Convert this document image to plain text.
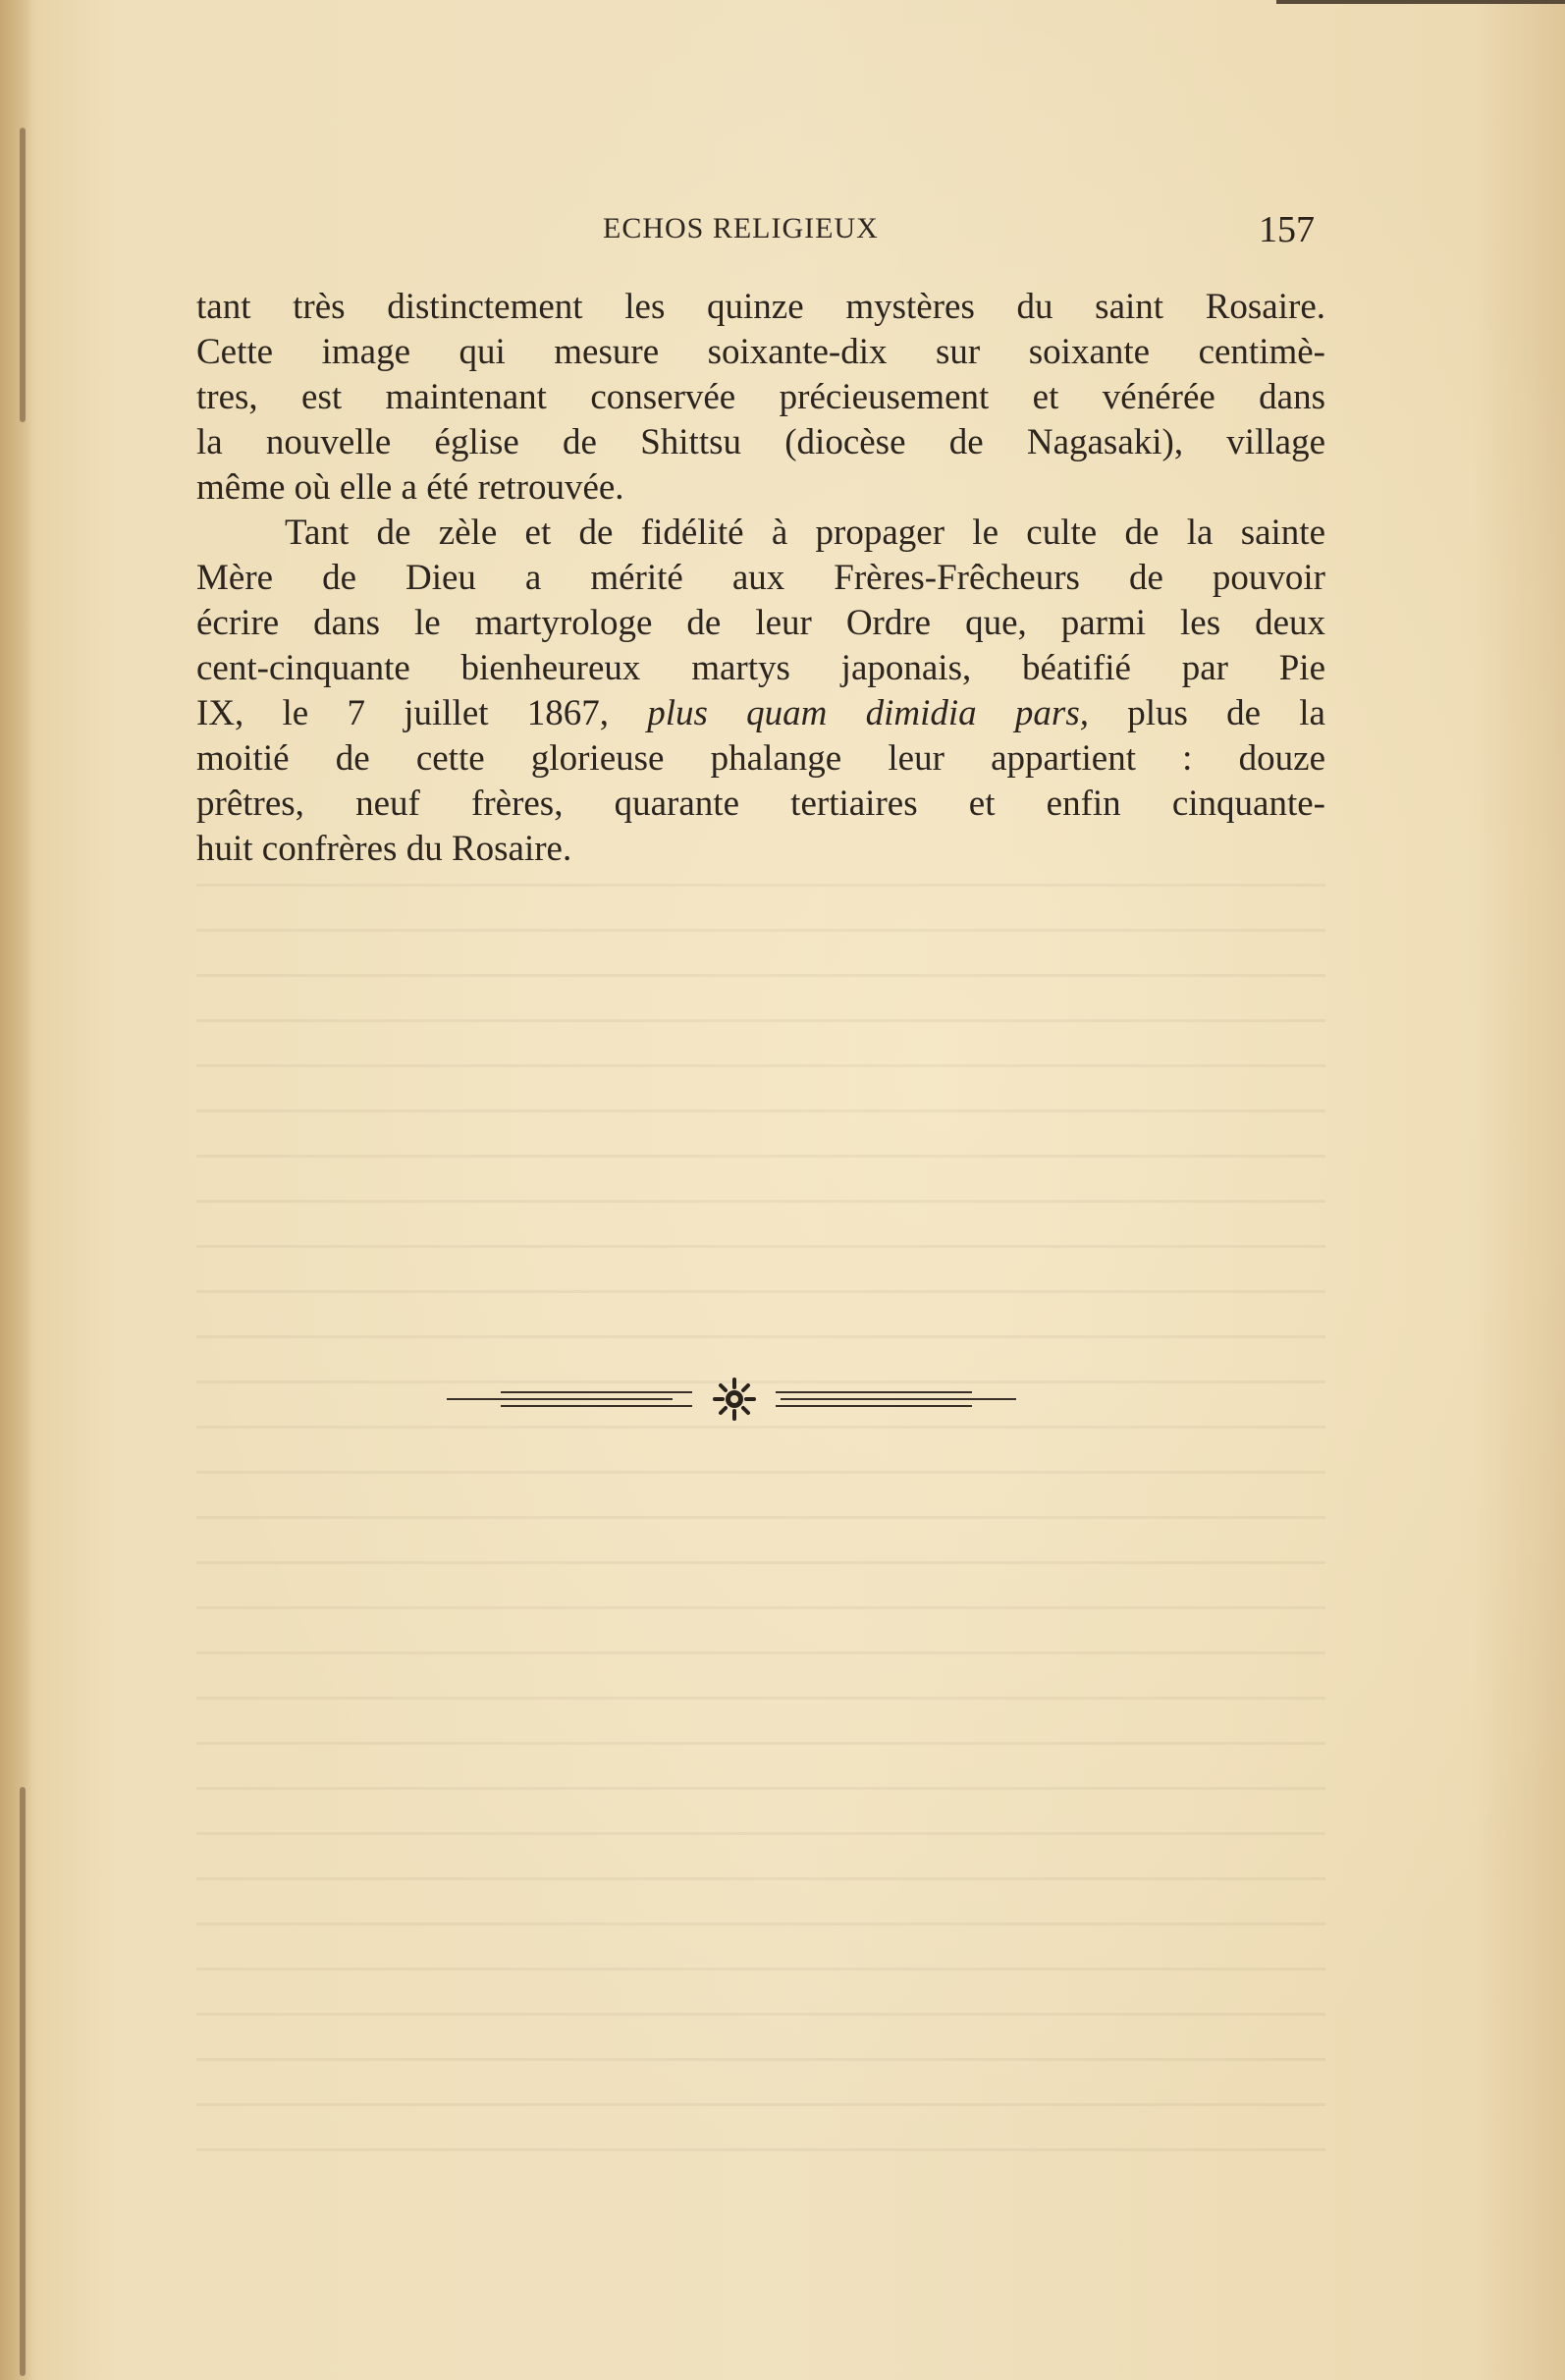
ECHOS RELIGIEUX	157
tant très distinctement les quinze mystères du saint Rosaire.
Cette image qui mesure soixante-dix sur soixante centimè-
tres, est maintenant conservée précieusement et vénérée dans
la nouvelle église de Shittsu (diocèse de Nagasaki), village
même où elle a été retrouvée.
Tant de zèle et de fidélité à propager le culte de la sainte
Mère de Dieu a mérité aux Frères-Frêcheurs de pouvoir
écrire dans le martyrologe de leur Ordre que, parmi les deux
cent-cinquante bienheureux martys japonais, béatifié par Pie
IX, le 7 juillet 1867, plus quam dimidia pars, plus de la
moitié de cette glorieuse phalange leur appartient : douze
prêtres, neuf frères, quarante tertiaires et enfin cinquante-
huit confrères du Rosaire.
